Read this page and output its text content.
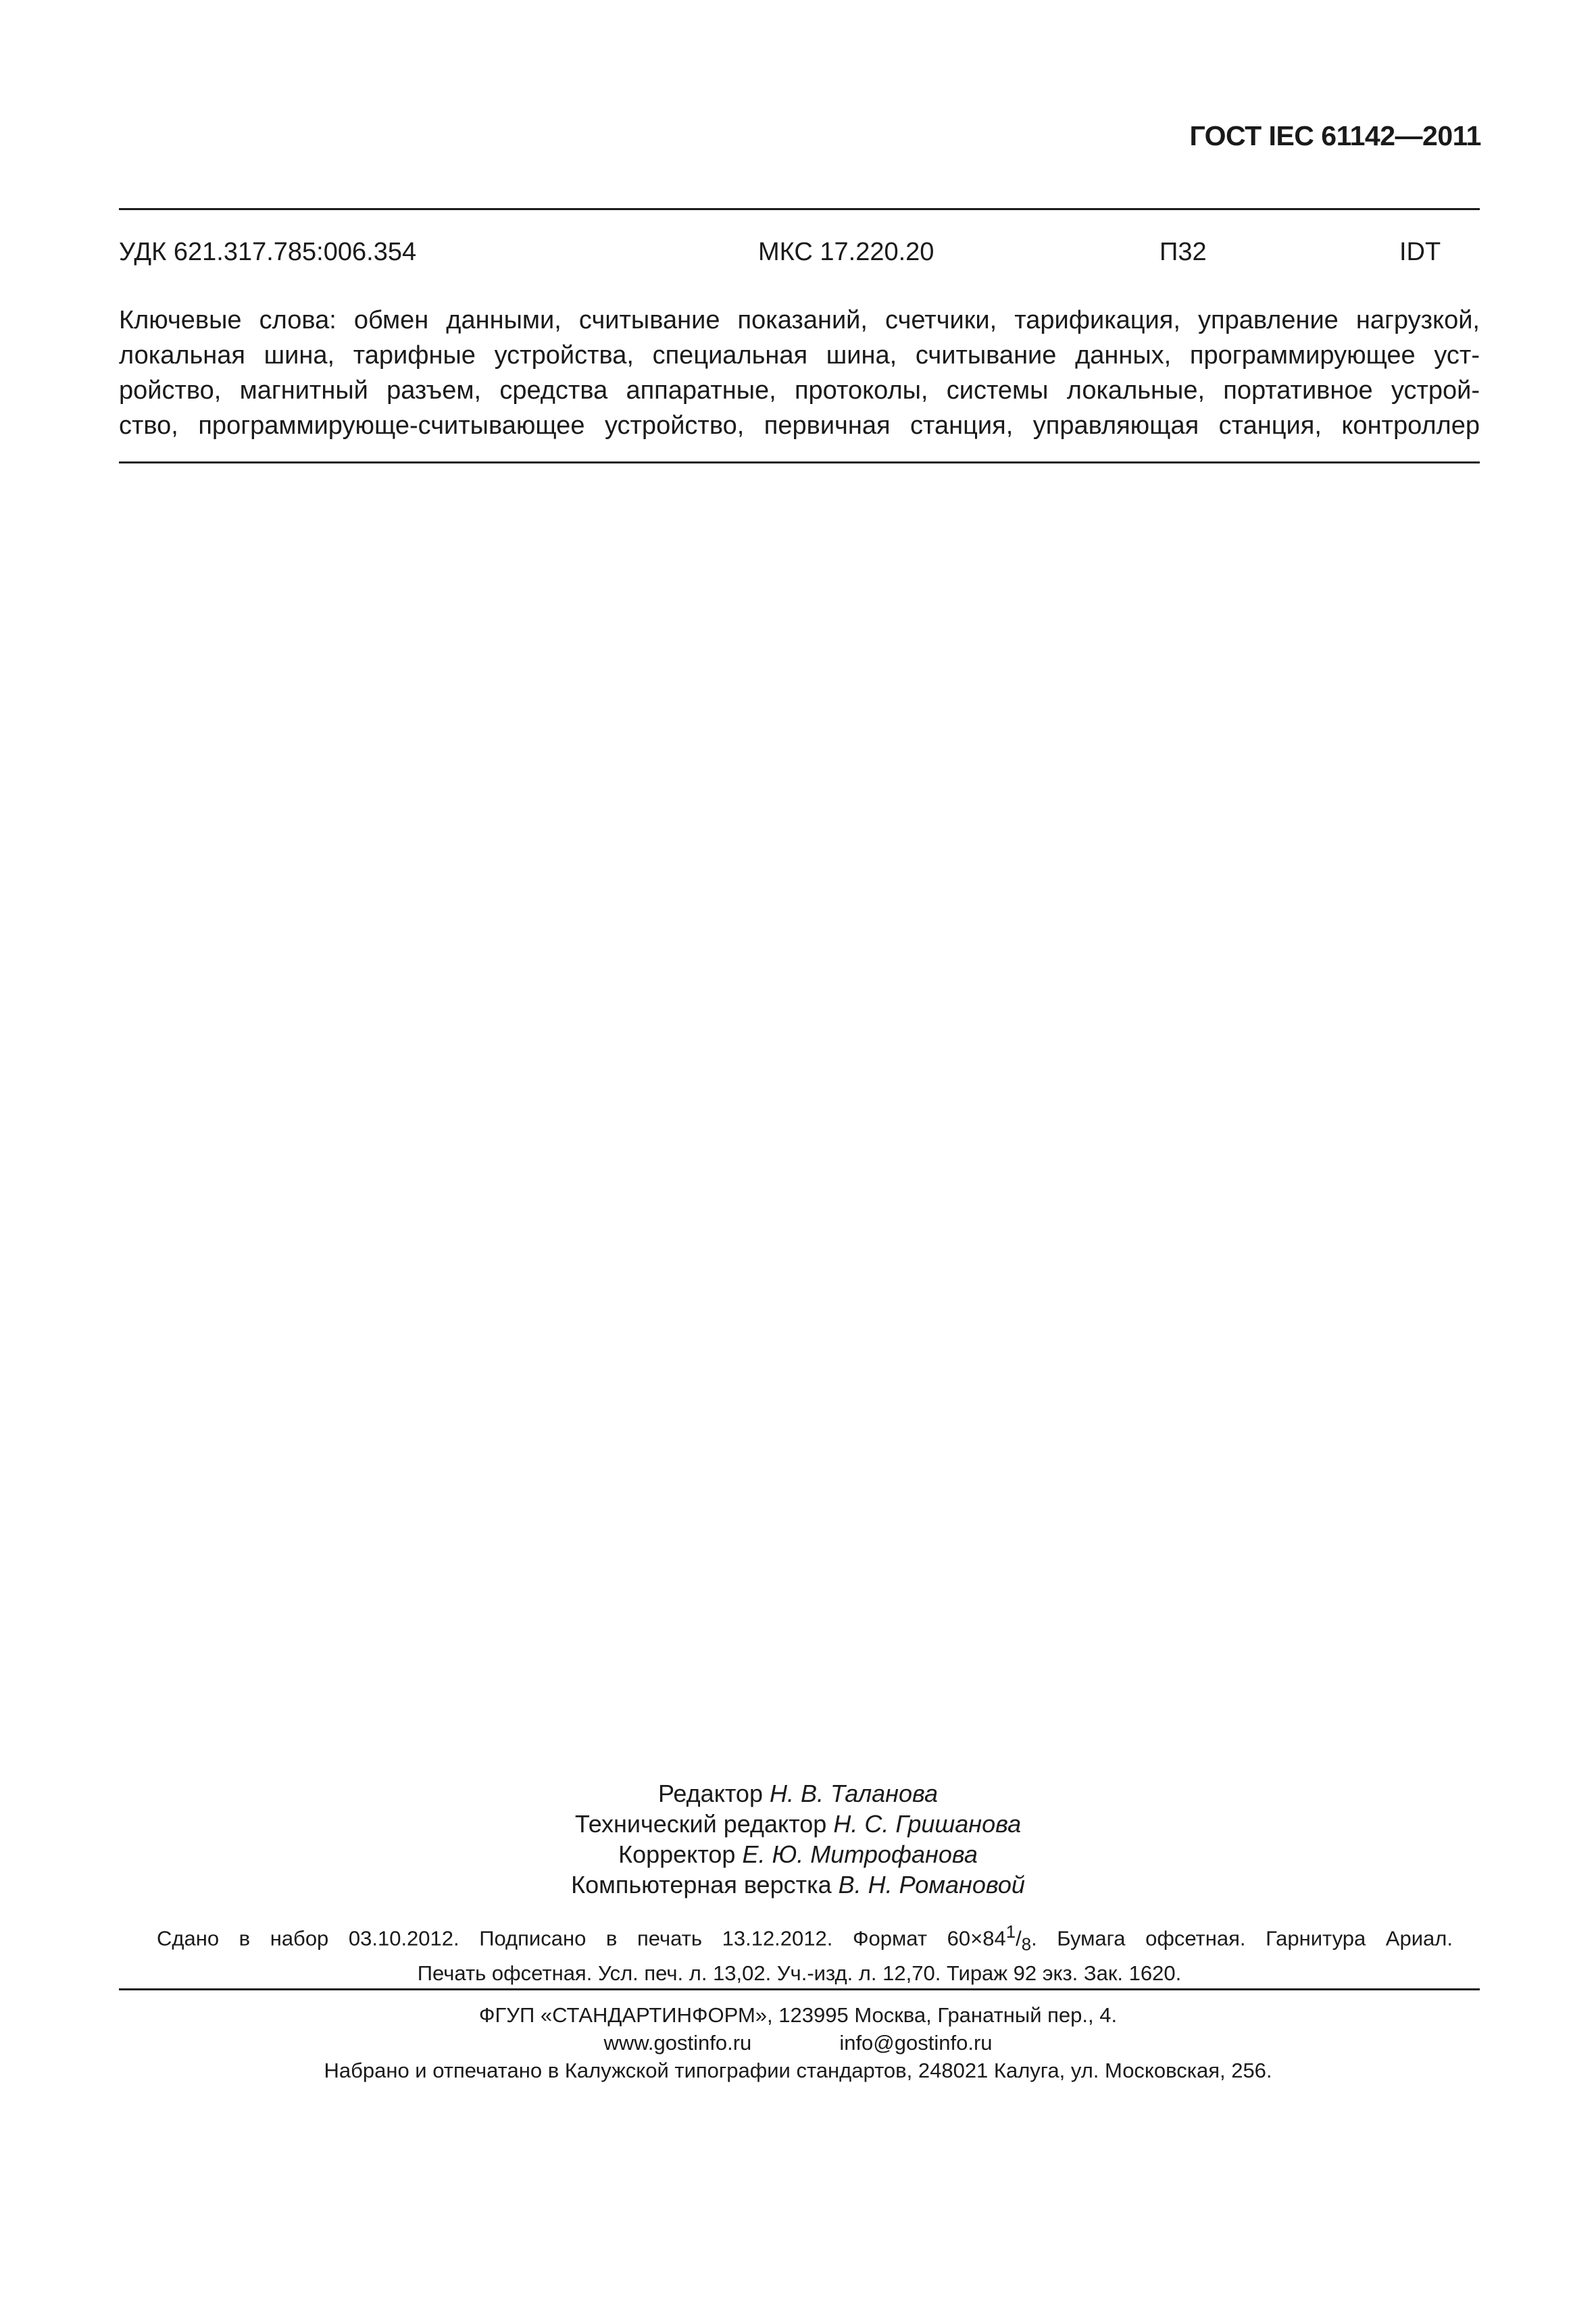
ГОСТ IEC 61142—2011
УДК 621.317.785:006.354	МКС 17.220.20	П32	IDT
Ключевые слова: обмен данными, считывание показаний, счетчики, тарификация, управление нагрузкой,
локальная шина, тарифные устройства, специальная шина, считывание данных, программирующее уст-
ройство, магнитный разъем, средства аппаратные, протоколы, системы локальные, портативное устрой-
ство, программирующе-считывающее устройство, первичная станция, управляющая станция, контроллер
Редактор Н. В. Таланова
Технический редактор Н. С. Гришанова
Корректор Е. Ю. Митрофанова
Компьютерная верстка В. Н. Романовой
Сдано в набор 03.10.2012. Подписано в печать 13.12.2012. Формат $60\times 84^1/_8$. Бумага офсетная. Гарнитура Ариал.
Печать офсетная. Усл. печ. л. 13,02. Уч.-изд. л. 12,70. Тираж 92 экз. Зак. 1620.
ФГУП «СТАНДАРТИНФОРМ», 123995 Москва, Гранатный пер., 4.
www.gostinfo.ru	info@gostinfo.ru
Набрано и отпечатано в Калужской типографии стандартов, 248021 Калуга, ул. Московская, 256.
